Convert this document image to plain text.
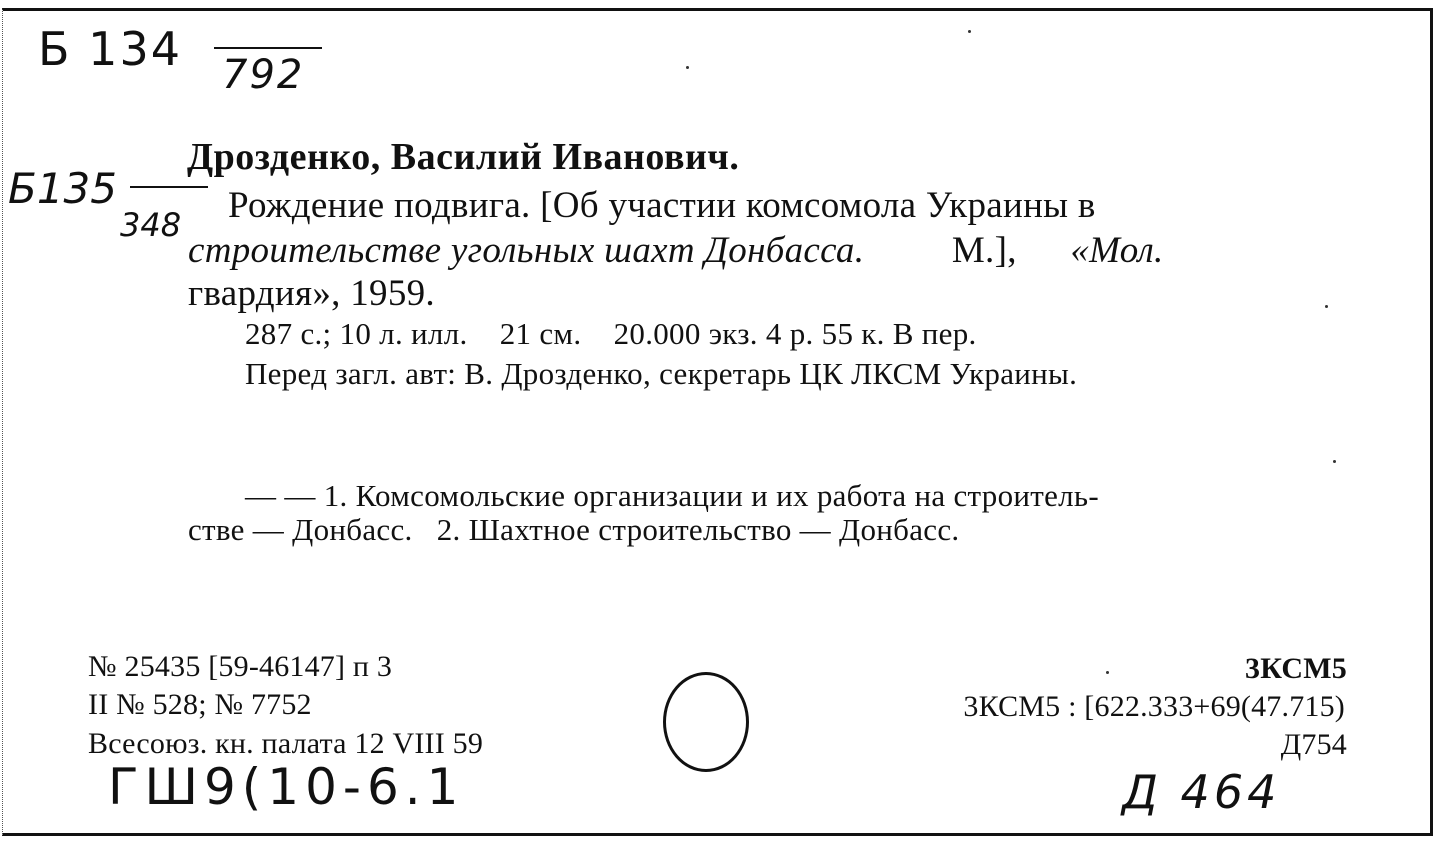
Б 134 792
Б135
348
Дрозденко, Василий Иванович.
Рождение подвига. [Об участии комсомола Украины в
строительстве угольных шахт Донбасса. М.], «Мол.
гвардия», 1959.
287 с.; 10 л. илл.    21 см.    20.000 экз. 4 р. 55 к. В пер.
Перед загл. авт: В. Дрозденко, секретарь ЦК ЛКСМ Украины.
— — 1. Комсомольские организации и их работа на строитель-
стве — Донбасс.   2. Шахтное строительство — Донбасс.
№ 25435 [59-46147] п 3
II № 528; № 7752
Всесоюз. кн. палата 12 VIII 59
3КСМ5
3КСМ5 : [622.333+69(47.715)
Д754
ГШ9(10-6.1	Д 464
